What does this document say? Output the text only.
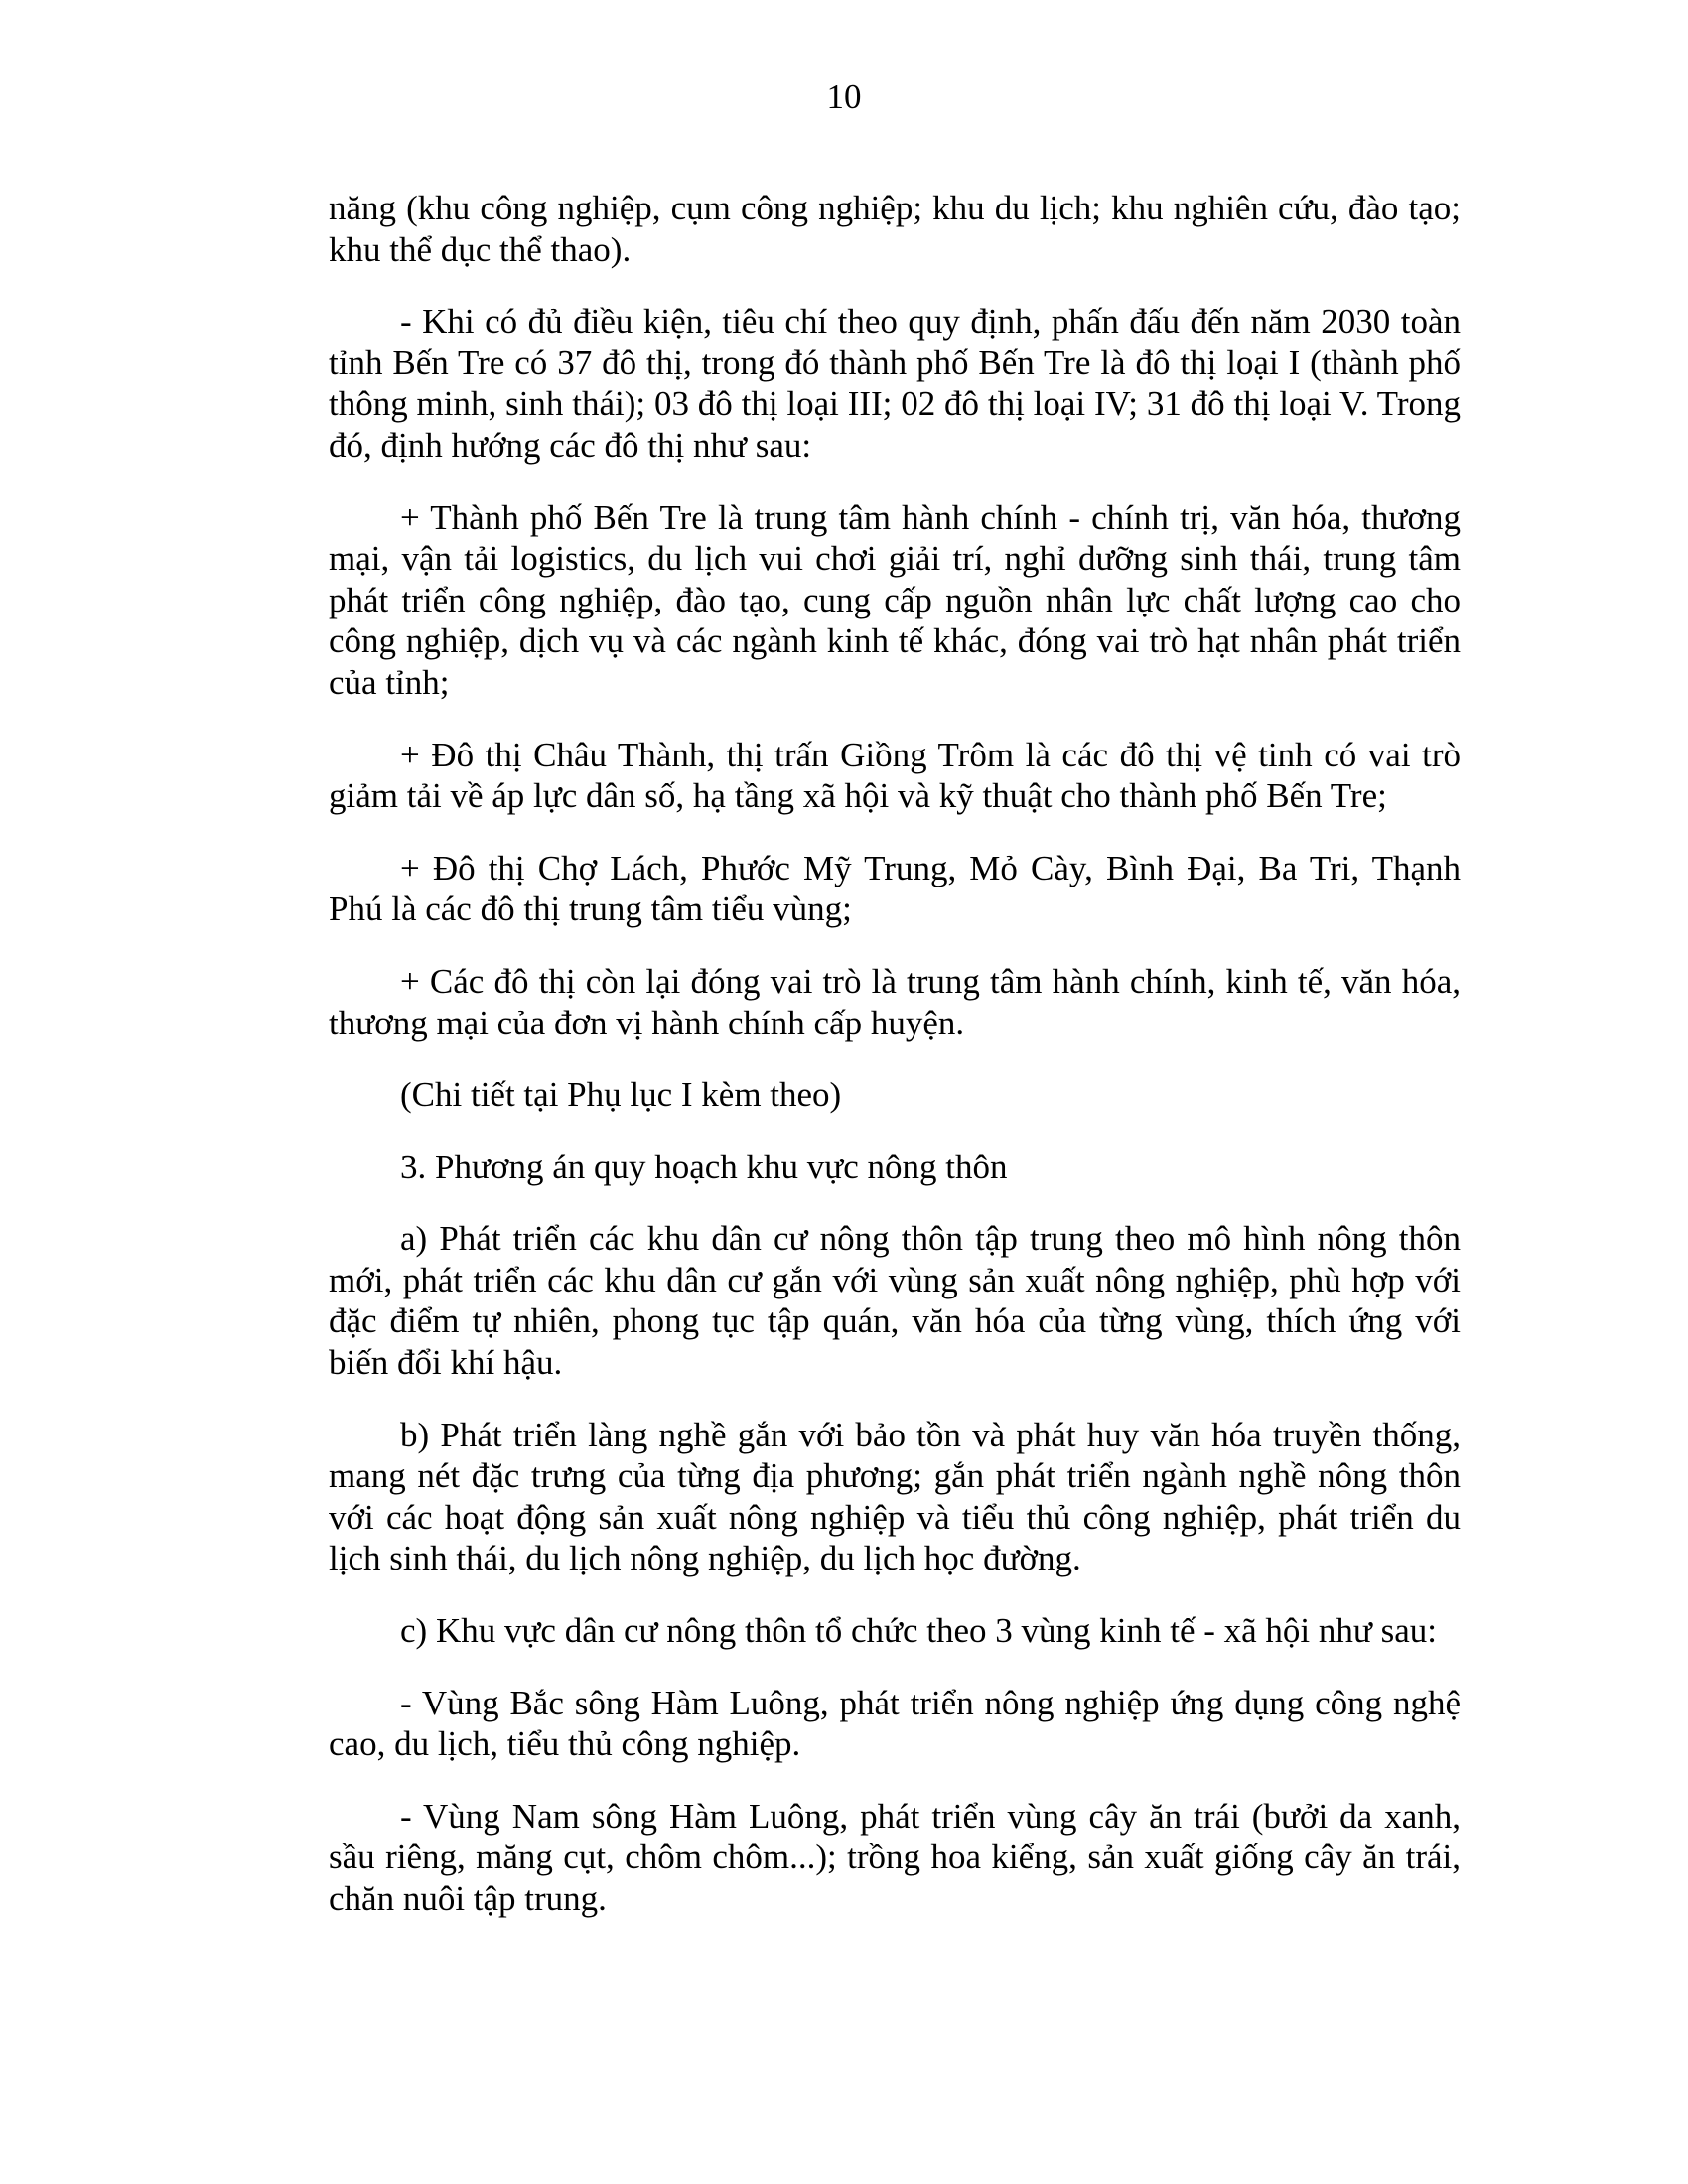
10

năng (khu công nghiệp, cụm công nghiệp; khu du lịch; khu nghiên cứu, đào tạo; khu thể dục thể thao).

- Khi có đủ điều kiện, tiêu chí theo quy định, phấn đấu đến năm 2030 toàn tỉnh Bến Tre có 37 đô thị, trong đó thành phố Bến Tre là đô thị loại I (thành phố thông minh, sinh thái); 03 đô thị loại III; 02 đô thị loại IV; 31 đô thị loại V. Trong đó, định hướng các đô thị như sau:

+ Thành phố Bến Tre là trung tâm hành chính - chính trị, văn hóa, thương mại, vận tải logistics, du lịch vui chơi giải trí, nghỉ dưỡng sinh thái, trung tâm phát triển công nghiệp, đào tạo, cung cấp nguồn nhân lực chất lượng cao cho công nghiệp, dịch vụ và các ngành kinh tế khác, đóng vai trò hạt nhân phát triển của tỉnh;

+ Đô thị Châu Thành, thị trấn Giồng Trôm là các đô thị vệ tinh có vai trò giảm tải về áp lực dân số, hạ tầng xã hội và kỹ thuật cho thành phố Bến Tre;

+ Đô thị Chợ Lách, Phước Mỹ Trung, Mỏ Cày, Bình Đại, Ba Tri, Thạnh Phú là các đô thị trung tâm tiểu vùng;

+ Các đô thị còn lại đóng vai trò là trung tâm hành chính, kinh tế, văn hóa, thương mại của đơn vị hành chính cấp huyện.

(Chi tiết tại Phụ lục I kèm theo)

3. Phương án quy hoạch khu vực nông thôn

a) Phát triển các khu dân cư nông thôn tập trung theo mô hình nông thôn mới, phát triển các khu dân cư gắn với vùng sản xuất nông nghiệp, phù hợp với đặc điểm tự nhiên, phong tục tập quán, văn hóa của từng vùng, thích ứng với biến đổi khí hậu.

b) Phát triển làng nghề gắn với bảo tồn và phát huy văn hóa truyền thống, mang nét đặc trưng của từng địa phương; gắn phát triển ngành nghề nông thôn với các hoạt động sản xuất nông nghiệp và tiểu thủ công nghiệp, phát triển du lịch sinh thái, du lịch nông nghiệp, du lịch học đường.

c) Khu vực dân cư nông thôn tổ chức theo 3 vùng kinh tế - xã hội như sau:

- Vùng Bắc sông Hàm Luông, phát triển nông nghiệp ứng dụng công nghệ cao, du lịch, tiểu thủ công nghiệp.

- Vùng Nam sông Hàm Luông, phát triển vùng cây ăn trái (bưởi da xanh, sầu riêng, măng cụt, chôm chôm...); trồng hoa kiểng, sản xuất giống cây ăn trái, chăn nuôi tập trung.
